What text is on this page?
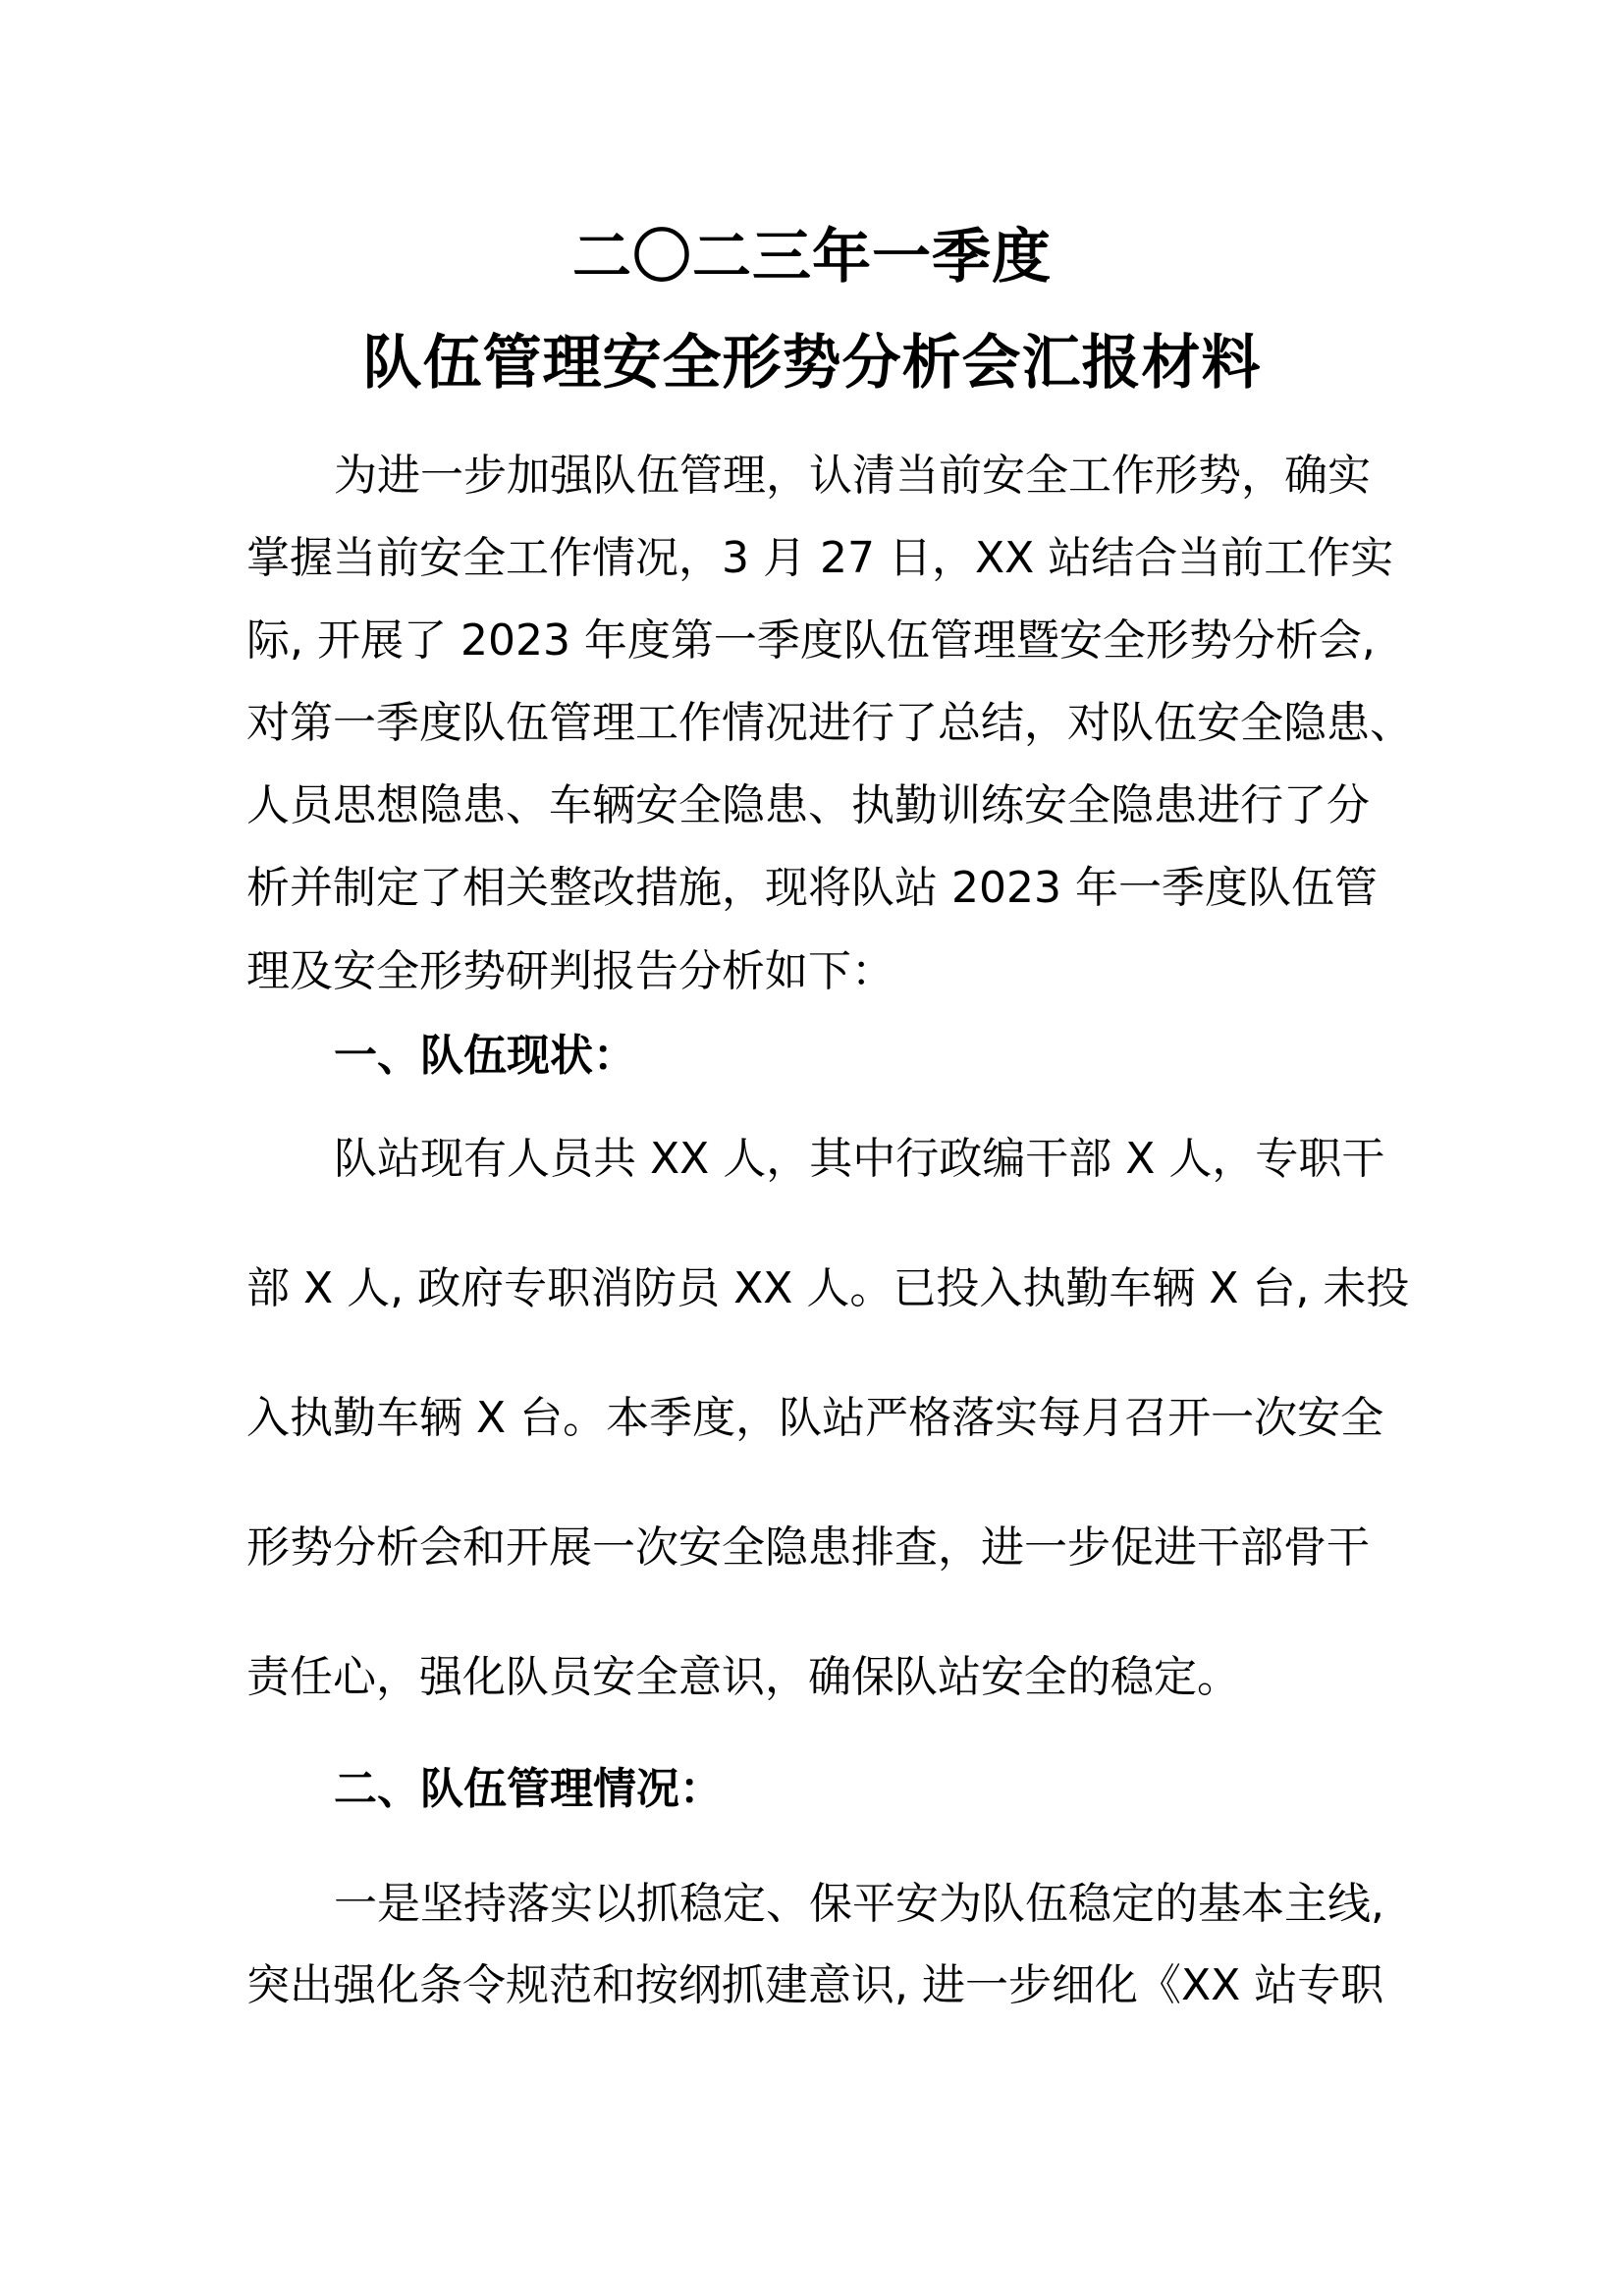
二〇二三年一季度
队伍管理安全形势分析会汇报材料
为进一步加强队伍管理，认清当前安全工作形势，确实
掌握当前安全工作情况，3 月 27 日，XX 站结合当前工作实
际, 开展了 2023 年度第一季度队伍管理暨安全形势分析会,
对第一季度队伍管理工作情况进行了总结，对队伍安全隐患、
人员思想隐患、车辆安全隐患、执勤训练安全隐患进行了分
析并制定了相关整改措施，现将队站 2023 年一季度队伍管
理及安全形势研判报告分析如下：
一、队伍现状：
队站现有人员共 XX 人，其中行政编干部 X 人，专职干
部 X 人, 政府专职消防员 XX 人。已投入执勤车辆 X 台, 未投
入执勤车辆 X 台。本季度，队站严格落实每月召开一次安全
形势分析会和开展一次安全隐患排查，进一步促进干部骨干
责任心，强化队员安全意识，确保队站安全的稳定。
二、队伍管理情况：
一是坚持落实以抓稳定、保平安为队伍稳定的基本主线,
突出强化条令规范和按纲抓建意识, 进一步细化《XX 站专职
